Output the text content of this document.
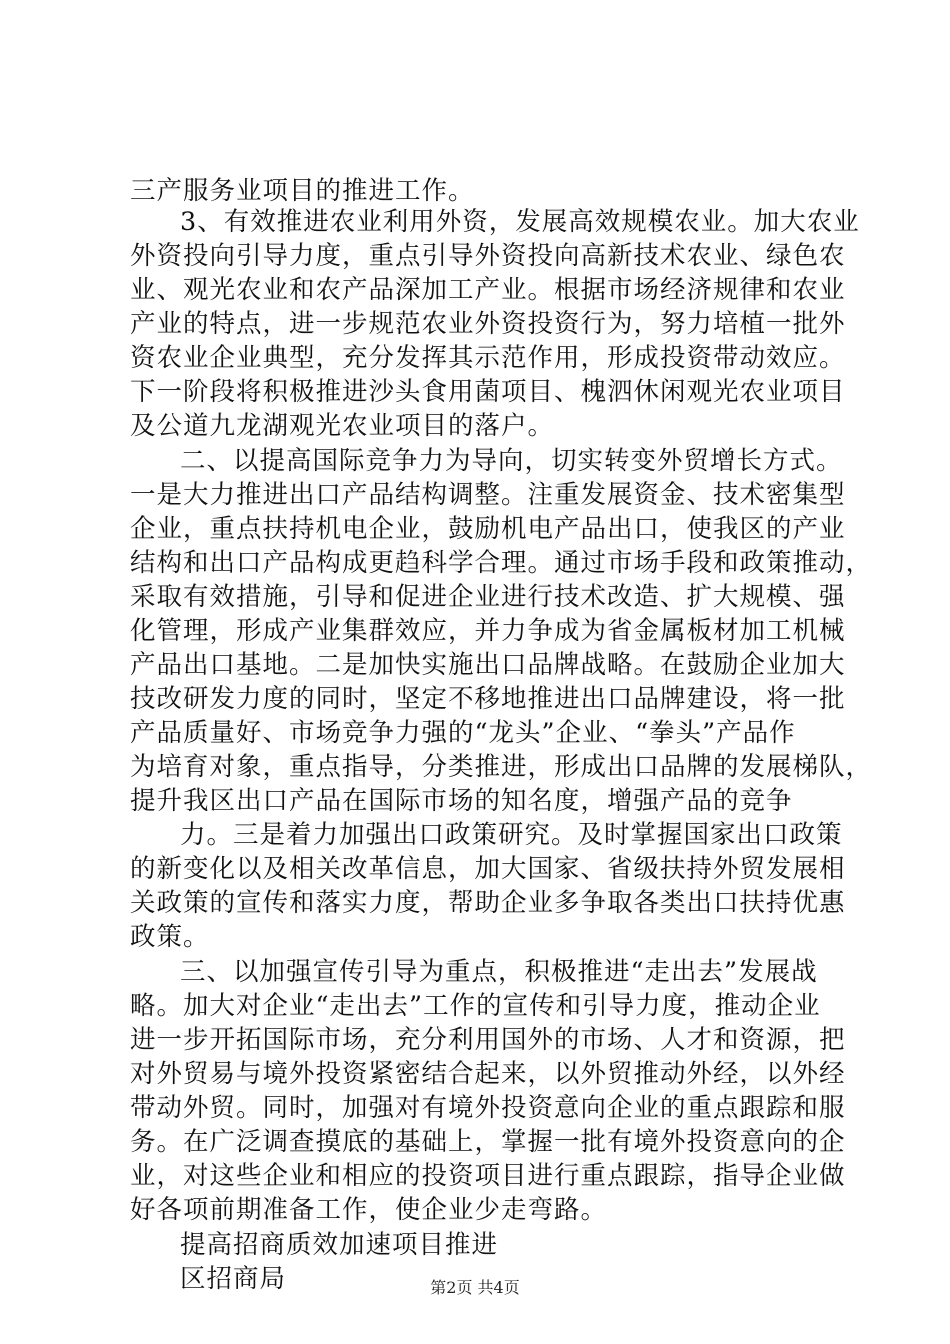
三产服务业项目的推进工作。
3、有效推进农业利用外资，发展高效规模农业。加大农业
外资投向引导力度，重点引导外资投向高新技术农业、绿色农
业、观光农业和农产品深加工产业。根据市场经济规律和农业
产业的特点，进一步规范农业外资投资行为，努力培植一批外
资农业企业典型，充分发挥其示范作用，形成投资带动效应。
下一阶段将积极推进沙头食用菌项目、槐泗休闲观光农业项目
及公道九龙湖观光农业项目的落户。
二、以提高国际竞争力为导向，切实转变外贸增长方式。
一是大力推进出口产品结构调整。注重发展资金、技术密集型
企业，重点扶持机电企业，鼓励机电产品出口，使我区的产业
结构和出口产品构成更趋科学合理。通过市场手段和政策推动，
采取有效措施，引导和促进企业进行技术改造、扩大规模、强
化管理，形成产业集群效应，并力争成为省金属板材加工机械
产品出口基地。二是加快实施出口品牌战略。在鼓励企业加大
技改研发力度的同时，坚定不移地推进出口品牌建设，将一批
产品质量好、市场竞争力强的“龙头”企业、“拳头”产品作
为培育对象，重点指导，分类推进，形成出口品牌的发展梯队，
提升我区出口产品在国际市场的知名度，增强产品的竞争
力。三是着力加强出口政策研究。及时掌握国家出口政策
的新变化以及相关改革信息，加大国家、省级扶持外贸发展相
关政策的宣传和落实力度，帮助企业多争取各类出口扶持优惠
政策。
三、以加强宣传引导为重点，积极推进“走出去”发展战
略。加大对企业“走出去”工作的宣传和引导力度，推动企业
进一步开拓国际市场，充分利用国外的市场、人才和资源，把
对外贸易与境外投资紧密结合起来，以外贸推动外经，以外经
带动外贸。同时，加强对有境外投资意向企业的重点跟踪和服
务。在广泛调查摸底的基础上，掌握一批有境外投资意向的企
业，对这些企业和相应的投资项目进行重点跟踪，指导企业做
好各项前期准备工作，使企业少走弯路。
提高招商质效加速项目推进
区招商局	第2页 共4页
